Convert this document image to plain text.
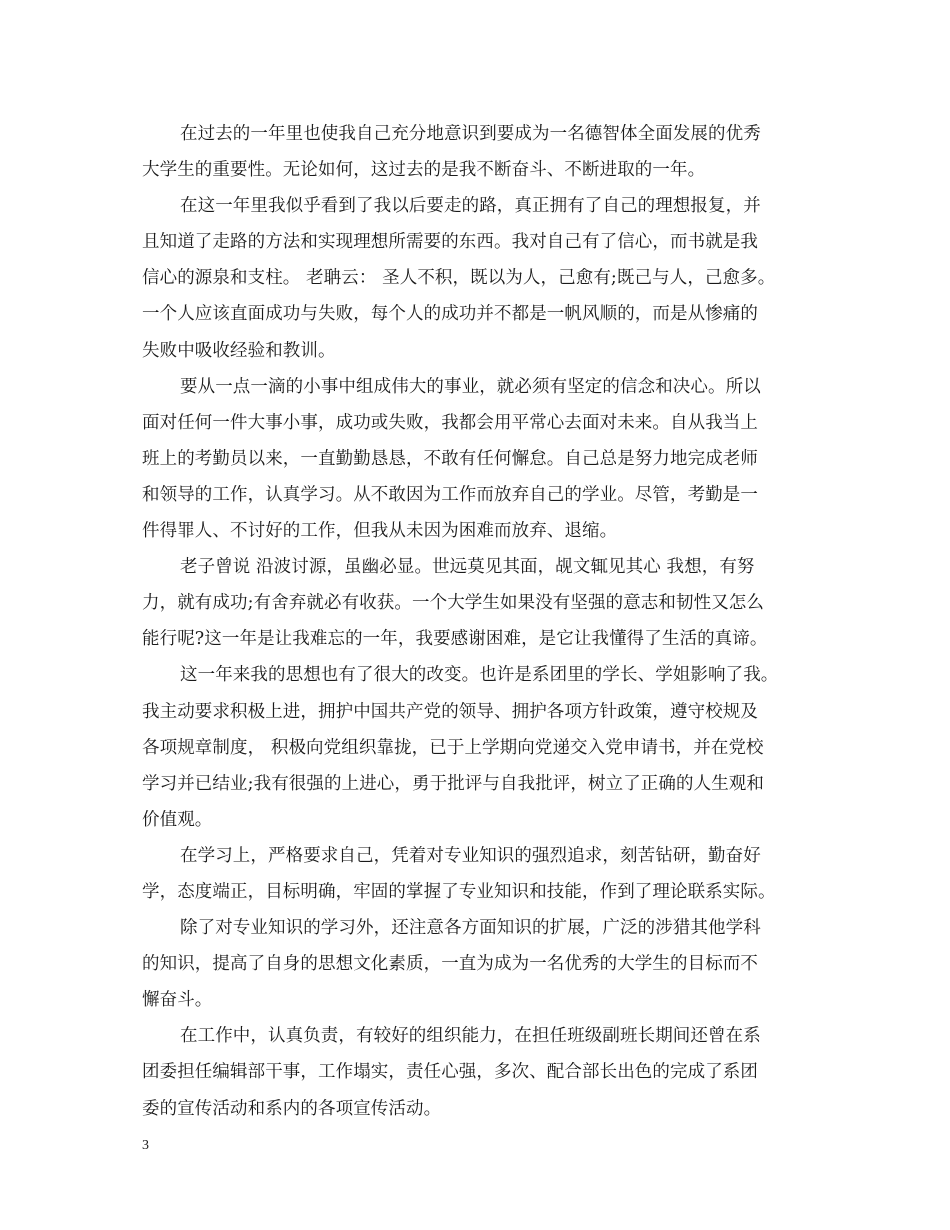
在过去的一年里也使我自己充分地意识到要成为一名德智体全面发展的优秀
大学生的重要性。无论如何，这过去的是我不断奋斗、不断进取的一年。
在这一年里我似乎看到了我以后要走的路，真正拥有了自己的理想报复，并
且知道了走路的方法和实现理想所需要的东西。我对自己有了信心，而书就是我
信心的源泉和支柱。 老聃云： 圣人不积，既以为人，己愈有;既己与人，己愈多。
一个人应该直面成功与失败，每个人的成功并不都是一帆风顺的，而是从惨痛的
失败中吸收经验和教训。
要从一点一滴的小事中组成伟大的事业，就必须有坚定的信念和决心。所以
面对任何一件大事小事，成功或失败，我都会用平常心去面对未来。自从我当上
班上的考勤员以来，一直勤勤恳恳，不敢有任何懈怠。自己总是努力地完成老师
和领导的工作，认真学习。从不敢因为工作而放弃自己的学业。尽管，考勤是一
件得罪人、不讨好的工作，但我从未因为困难而放弃、退缩。
老子曾说 沿波讨源，虽幽必显。世远莫见其面，觇文辄见其心 我想，有努
力，就有成功;有舍弃就必有收获。一个大学生如果没有坚强的意志和韧性又怎么
能行呢?这一年是让我难忘的一年，我要感谢困难，是它让我懂得了生活的真谛。
这一年来我的思想也有了很大的改变。也许是系团里的学长、学姐影响了我。
我主动要求积极上进，拥护中国共产党的领导、拥护各项方针政策，遵守校规及
各项规章制度， 积极向党组织靠拢，已于上学期向党递交入党申请书，并在党校
学习并已结业;我有很强的上进心，勇于批评与自我批评，树立了正确的人生观和
价值观。
在学习上，严格要求自己，凭着对专业知识的强烈追求，刻苦钻研，勤奋好
学，态度端正，目标明确，牢固的掌握了专业知识和技能，作到了理论联系实际。
除了对专业知识的学习外，还注意各方面知识的扩展，广泛的涉猎其他学科
的知识，提高了自身的思想文化素质，一直为成为一名优秀的大学生的目标而不
懈奋斗。
在工作中，认真负责，有较好的组织能力，在担任班级副班长期间还曾在系
团委担任编辑部干事，工作塌实，责任心强，多次、配合部长出色的完成了系团
委的宣传活动和系内的各项宣传活动。
3
